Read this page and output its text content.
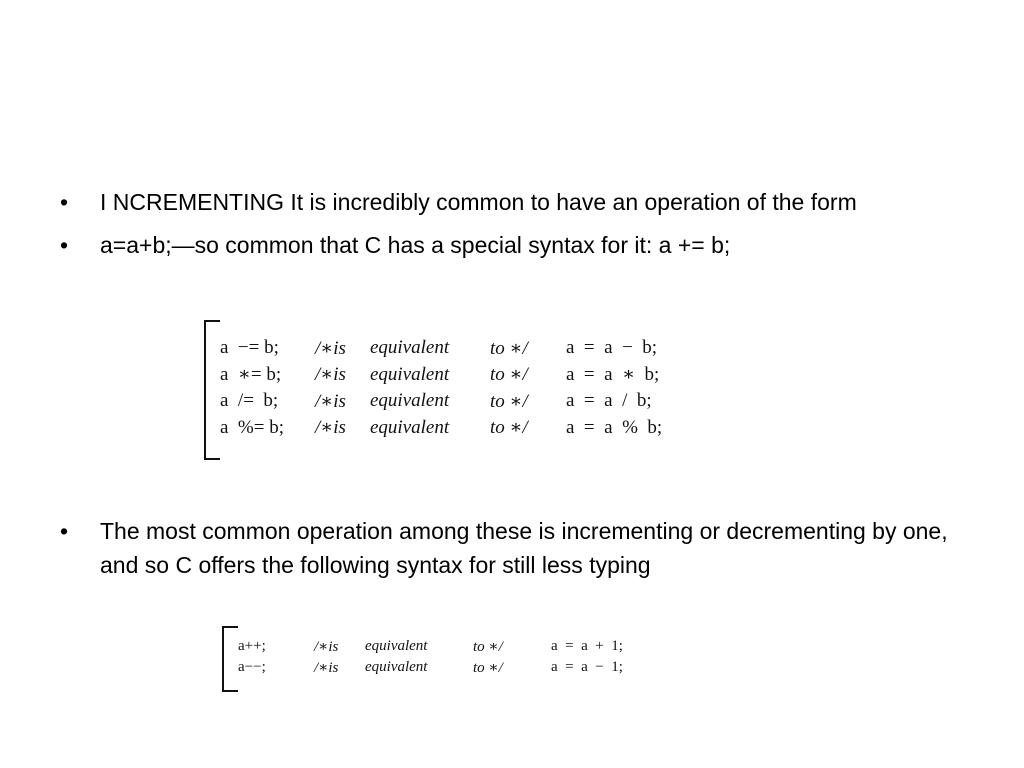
•	I NCREMENTING It is incredibly common to have an operation of the form
•	a=a+b;—so common that C has a special syntax for it: a += b;
•	The most common operation among these is incrementing or decrementing by one, and so C offers the following syntax for still less typing
a  −= b;	/∗is	equivalent	to ∗/	a  =  a  −  b;
a  ∗= b;	/∗is	equivalent	to ∗/	a  =  a  ∗  b;
a  /=  b;	/∗is	equivalent	to ∗/	a  =  a  /  b;
a  %= b;	/∗is	equivalent	to ∗/	a  =  a  %  b;
a++;	/∗is	equivalent	to ∗/	a  =  a  +  1;
a−−;	/∗is	equivalent	to ∗/	a  =  a  −  1;
